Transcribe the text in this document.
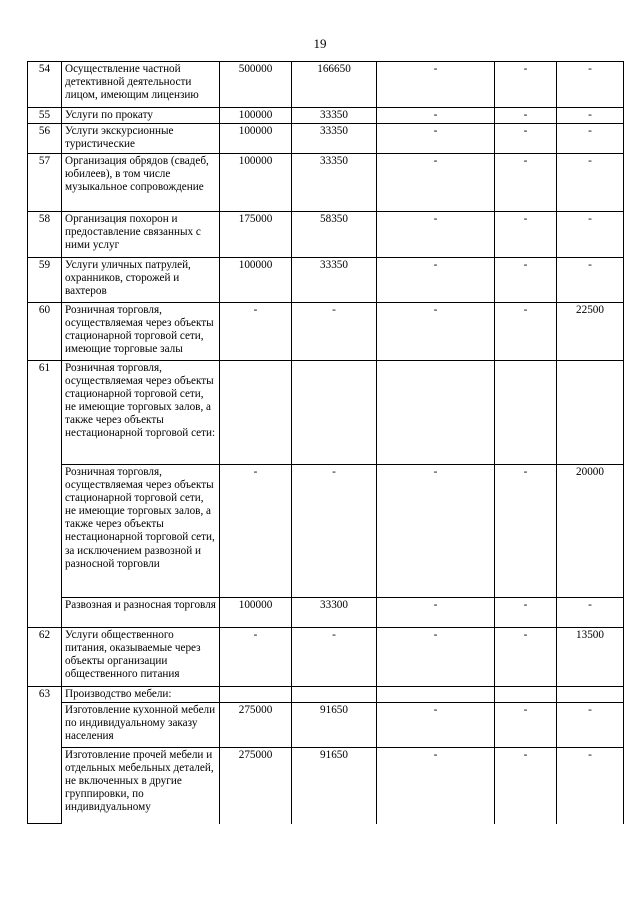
19
54	Осуществление частной детективной деятельности лицом, имеющим лицензию	500000	166650	-	-	-
55	Услуги по прокату	100000	33350	-	-	-
56	Услуги экскурсионные туристические	100000	33350	-	-	-
57	Организация обрядов (свадеб, юбилеев), в том числе музыкальное сопровождение	100000	33350	-	-	-
58	Организация похорон и предоставление связанных с ними услуг	175000	58350	-	-	-
59	Услуги уличных патрулей, охранников, сторожей и вахтеров	100000	33350	-	-	-
60	Розничная торговля, осуществляемая через объекты стационарной торговой сети, имеющие торговые залы	-	-	-	-	22500
61	Розничная торговля, осуществляемая через объекты стационарной торговой сети, не имеющие торговых залов, а также через объекты нестационарной торговой сети:					
	Розничная торговля, осуществляемая через объекты стационарной торговой сети, не имеющие торговых залов, а также через объекты нестационарной торговой сети, за исключением развозной и разносной торговли	-	-	-	-	20000
	Развозная и разносная торговля	100000	33300	-	-	-
62	Услуги общественного питания, оказываемые через объекты организации общественного питания	-	-	-	-	13500
63	Производство мебели:					
	Изготовление кухонной мебели по индивидуальному заказу населения	275000	91650	-	-	-
	Изготовление прочей мебели и отдельных мебельных деталей, не включенных в другие группировки, по индивидуальному	275000	91650	-	-	-
